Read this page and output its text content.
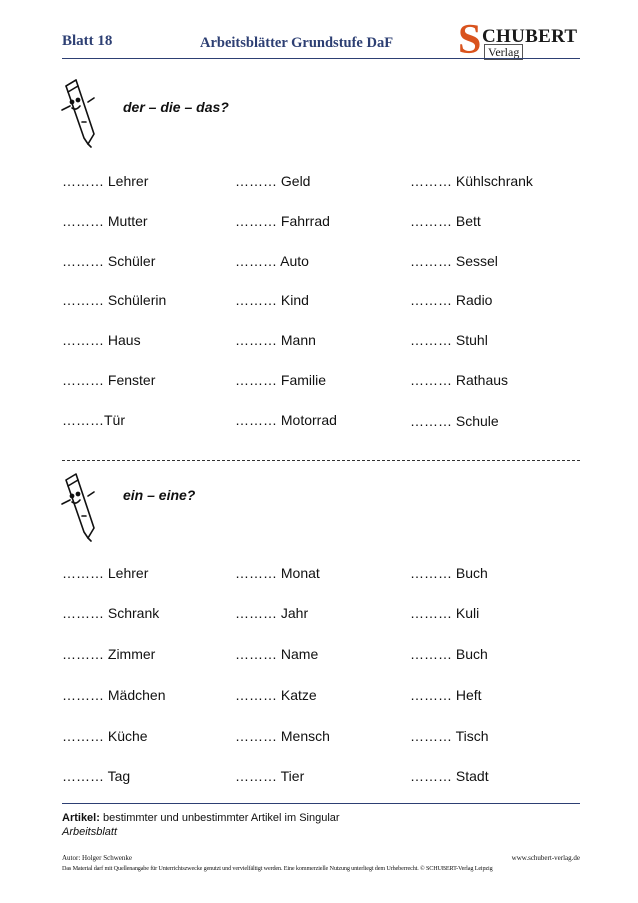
Blatt 18	Arbeitsblätter Grundstufe DaF S CHUBERT
Verlag
der – die – das?
……… Lehrer
……… Mutter
……… Schüler
……… Schülerin
……… Haus
……… Fenster
………Tür
……… Geld
……… Fahrrad
……… Auto
……… Kind
……… Mann
……… Familie
……… Motorrad
……… Kühlschrank
……… Bett
……… Sessel
……… Radio
……… Stuhl
……… Rathaus
……… Schule
ein – eine?
……… Lehrer
……… Schrank
……… Zimmer
……… Mädchen
……… Küche
……… Tag
……… Monat
……… Jahr
……… Name
……… Katze
……… Mensch
……… Tier
……… Buch
……… Kuli
……… Buch
……… Heft
……… Tisch
……… Stadt
Artikel: bestimmter und unbestimmter Artikel im Singular
Arbeitsblatt
Autor: Holger Schwenke	www.schubert-verlag.de
Das Material darf mit Quellenangabe für Unterrichtszwecke genutzt und vervielfältigt werden. Eine kommerzielle Nutzung unterliegt dem Urheberrecht. © SCHUBERT-Verlag Leipzig
